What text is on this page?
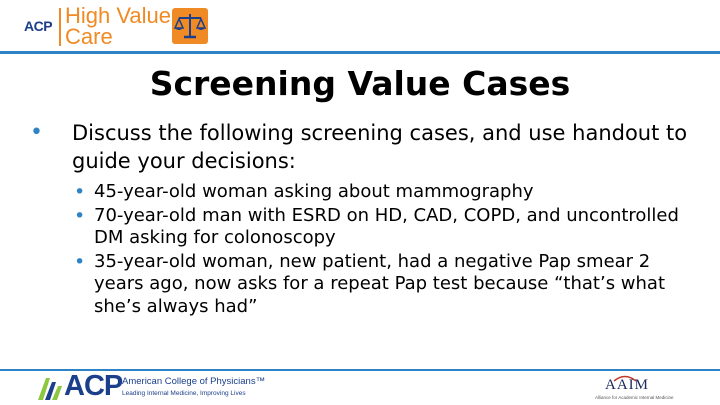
ACP High Value
Care
Screening Value Cases
•	Discuss the following screening cases, and use handout to guide your decisions:
• 45-year-old woman asking about mammography
• 70-year-old man with ESRD on HD, CAD, COPD, and uncontrolled DM asking for colonoscopy
• 35-year-old woman, new patient, had a negative Pap smear 2 years ago, now asks for a repeat Pap test because “that’s what she’s always had”
ACP American College of Physicians™
Leading Internal Medicine, Improving Lives
AAIM
Alliance for Academic Internal Medicine
